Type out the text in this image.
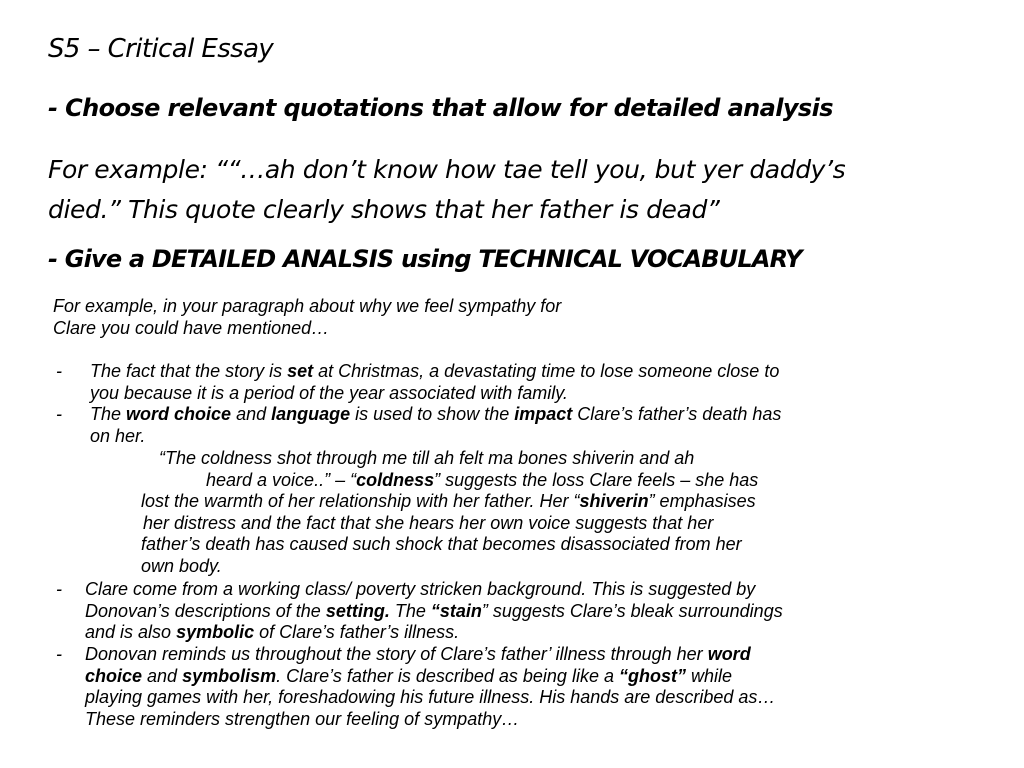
S5 – Critical Essay
- Choose relevant quotations that allow for detailed analysis
For example: ““…ah don’t know how tae tell you, but yer daddy’s
died.” This quote clearly shows that her father is dead”
- Give a DETAILED ANALSIS using TECHNICAL VOCABULARY
For example, in your paragraph about why we feel sympathy for
Clare you could have mentioned…
- The fact that the story is set at Christmas, a devastating time to lose someone close to
you because it is a period of the year associated with family.
- The word choice and language is used to show the impact Clare’s father’s death has
on her.
“The coldness shot through me till ah felt ma bones shiverin and ah
heard a voice..” – “coldness” suggests the loss Clare feels – she has
lost the warmth of her relationship with her father. Her “shiverin” emphasises
her distress and the fact that she hears her own voice suggests that her
father’s death has caused such shock that becomes disassociated from her
own body.
- Clare come from a working class/ poverty stricken background. This is suggested by
Donovan’s descriptions of the setting. The “stain” suggests Clare’s bleak surroundings
and is also symbolic of Clare’s father’s illness.
- Donovan reminds us throughout the story of Clare’s father’ illness through her word
choice and symbolism. Clare’s father is described as being like a “ghost” while
playing games with her, foreshadowing his future illness. His hands are described as…
These reminders strengthen our feeling of sympathy…
